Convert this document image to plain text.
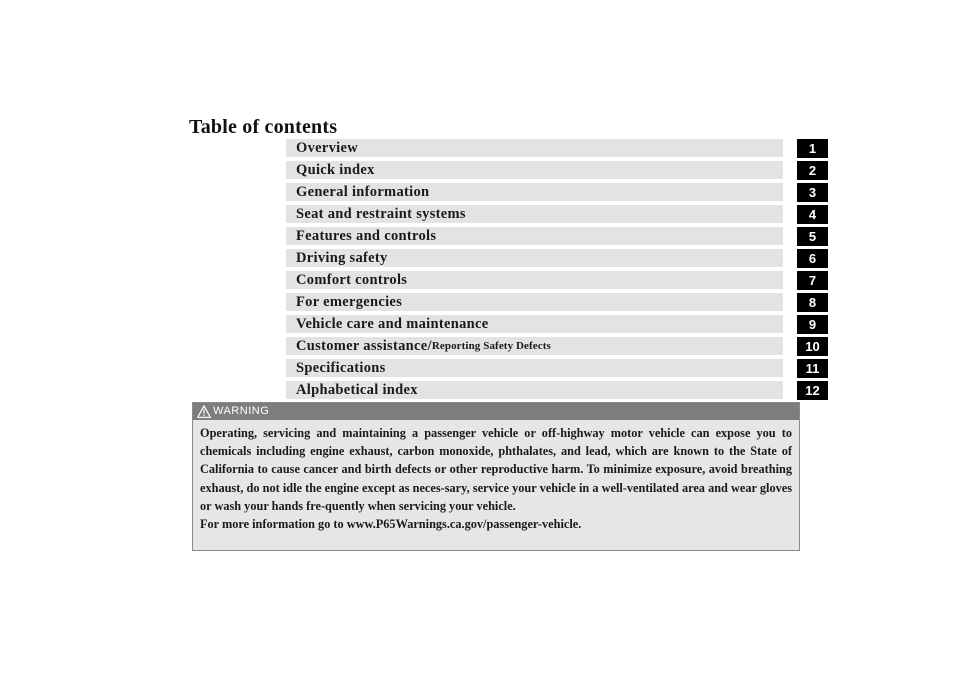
Table of contents
Overview	1
Quick index	2
General information	3
Seat and restraint systems	4
Features and controls	5
Driving safety	6
Comfort controls	7
For emergencies	8
Vehicle care and maintenance	9
Customer assistance/ Reporting Safety Defects	10
Specifications	11
Alphabetical index	12
WARNING

Operating, servicing and maintaining a passenger vehicle or off-highway motor vehicle can expose you to chemicals including engine exhaust, carbon monoxide, phthalates, and lead, which are known to the State of California to cause cancer and birth defects or other reproductive harm. To minimize exposure, avoid breathing exhaust, do not idle the engine except as neces-sary, service your vehicle in a well-ventilated area and wear gloves or wash your hands fre-quently when servicing your vehicle.

For more information go to www.P65Warnings.ca.gov/passenger-vehicle.
